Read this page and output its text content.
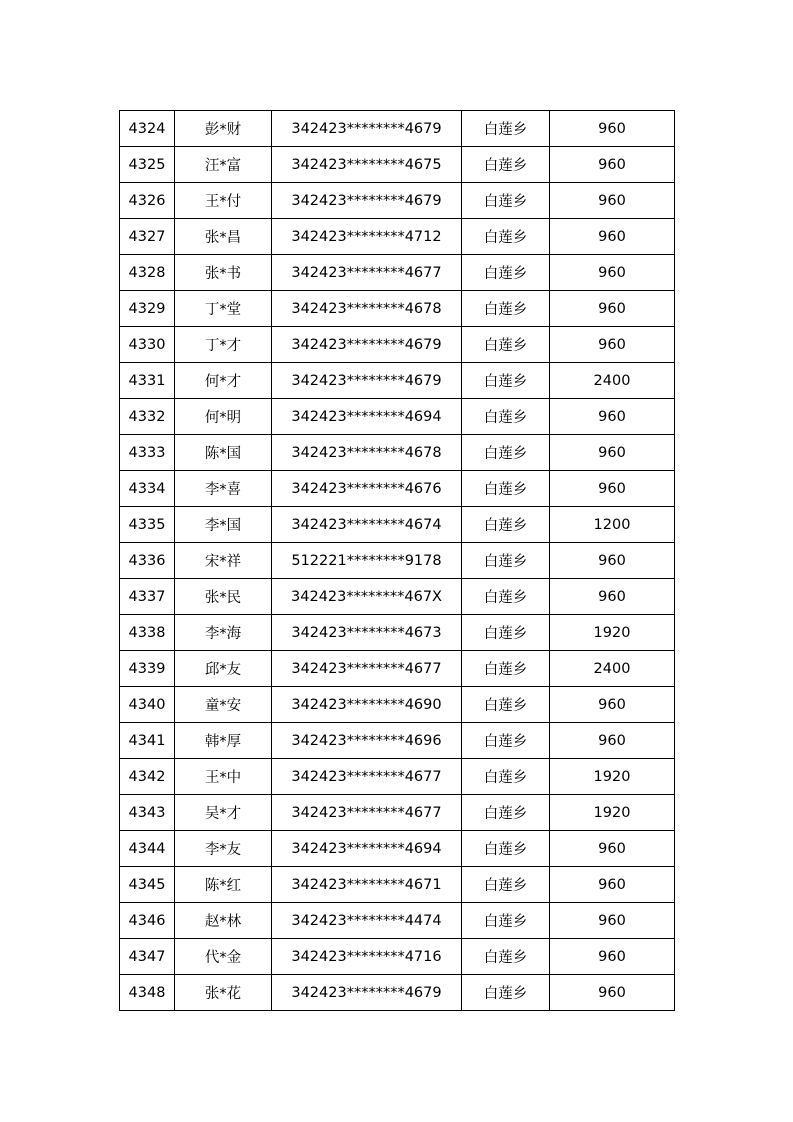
4324	彭*财	342423********4679	白莲乡	960
4325	汪*富	342423********4675	白莲乡	960
4326	王*付	342423********4679	白莲乡	960
4327	张*昌	342423********4712	白莲乡	960
4328	张*书	342423********4677	白莲乡	960
4329	丁*堂	342423********4678	白莲乡	960
4330	丁*才	342423********4679	白莲乡	960
4331	何*才	342423********4679	白莲乡	2400
4332	何*明	342423********4694	白莲乡	960
4333	陈*国	342423********4678	白莲乡	960
4334	李*喜	342423********4676	白莲乡	960
4335	李*国	342423********4674	白莲乡	1200
4336	宋*祥	512221********9178	白莲乡	960
4337	张*民	342423********467X	白莲乡	960
4338	李*海	342423********4673	白莲乡	1920
4339	邱*友	342423********4677	白莲乡	2400
4340	童*安	342423********4690	白莲乡	960
4341	韩*厚	342423********4696	白莲乡	960
4342	王*中	342423********4677	白莲乡	1920
4343	吴*才	342423********4677	白莲乡	1920
4344	李*友	342423********4694	白莲乡	960
4345	陈*红	342423********4671	白莲乡	960
4346	赵*林	342423********4474	白莲乡	960
4347	代*金	342423********4716	白莲乡	960
4348	张*花	342423********4679	白莲乡	960
